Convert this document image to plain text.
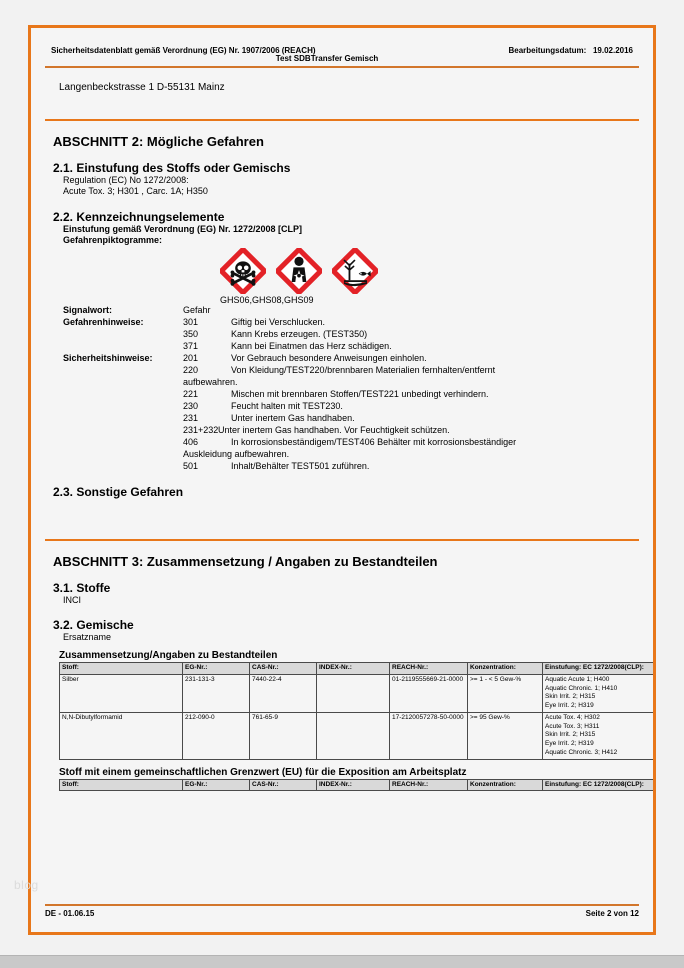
Sicherheitsdatenblatt gemäß Verordnung (EG) Nr. 1907/2006 (REACH)	Bearbeitungsdatum: 19.02.2016
Test SDBTransfer Gemisch
Langenbeckstrasse 1 D-55131 Mainz
ABSCHNITT 2: Mögliche Gefahren
2.1. Einstufung des Stoffs oder Gemischs
Regulation (EC) No 1272/2008:
Acute Tox. 3; H301 , Carc. 1A; H350
2.2. Kennzeichnungselemente
Einstufung gemäß Verordnung (EG) Nr. 1272/2008 [CLP]
Gefahrenpiktogramme:
GHS06,GHS08,GHS09
Signalwort:	Gefahr
Gefahrenhinweise:	301	Giftig bei Verschlucken.
350	Kann Krebs erzeugen. (TEST350)
371	Kann bei Einatmen das Herz schädigen.
Sicherheitshinweise:	201	Vor Gebrauch besondere Anweisungen einholen.
220	Von Kleidung/TEST220/brennbaren Materialien fernhalten/entfernt
aufbewahren.
221	Mischen mit brennbaren Stoffen/TEST221 unbedingt verhindern.
230	Feucht halten mit TEST230.
231	Unter inertem Gas handhaben.
231+232 Unter inertem Gas handhaben. Vor Feuchtigkeit schützen.
406	In korrosionsbeständigem/TEST406 Behälter mit korrosionsbeständiger
Auskleidung aufbewahren.
501	Inhalt/Behälter TEST501 zuführen.
2.3. Sonstige Gefahren
ABSCHNITT 3: Zusammensetzung / Angaben zu Bestandteilen
3.1. Stoffe
INCI
3.2. Gemische
Ersatzname
Zusammensetzung/Angaben zu Bestandteilen
Stoff:	EG-Nr.:	CAS-Nr.:	INDEX-Nr.:	REACH-Nr.:	Konzentration:	Einstufung: EC 1272/2008(CLP):
Silber	231-131-3	7440-22-4		01-2119555669-21-0000	>= 1 - < 5 Gew-%	Aquatic Acute 1; H400
Aquatic Chronic. 1; H410
Skin Irrit. 2; H315
Eye Irrit. 2; H319

N,N-Dibutylformamid	212-090-0	761-65-9		17-2120057278-50-0000	>= 95 Gew-%	Acute Tox. 4; H302
Acute Tox. 3; H311
Skin Irrit. 2; H315
Eye Irrit. 2; H319
Aquatic Chronic. 3; H412
Stoff mit einem gemeinschaftlichen Grenzwert (EU) für die Exposition am Arbeitsplatz
Stoff:	EG-Nr.:	CAS-Nr.:	INDEX-Nr.:	REACH-Nr.:	Konzentration:	Einstufung: EC 1272/2008(CLP):
DE - 01.06.15	Seite 2 von 12
blog
